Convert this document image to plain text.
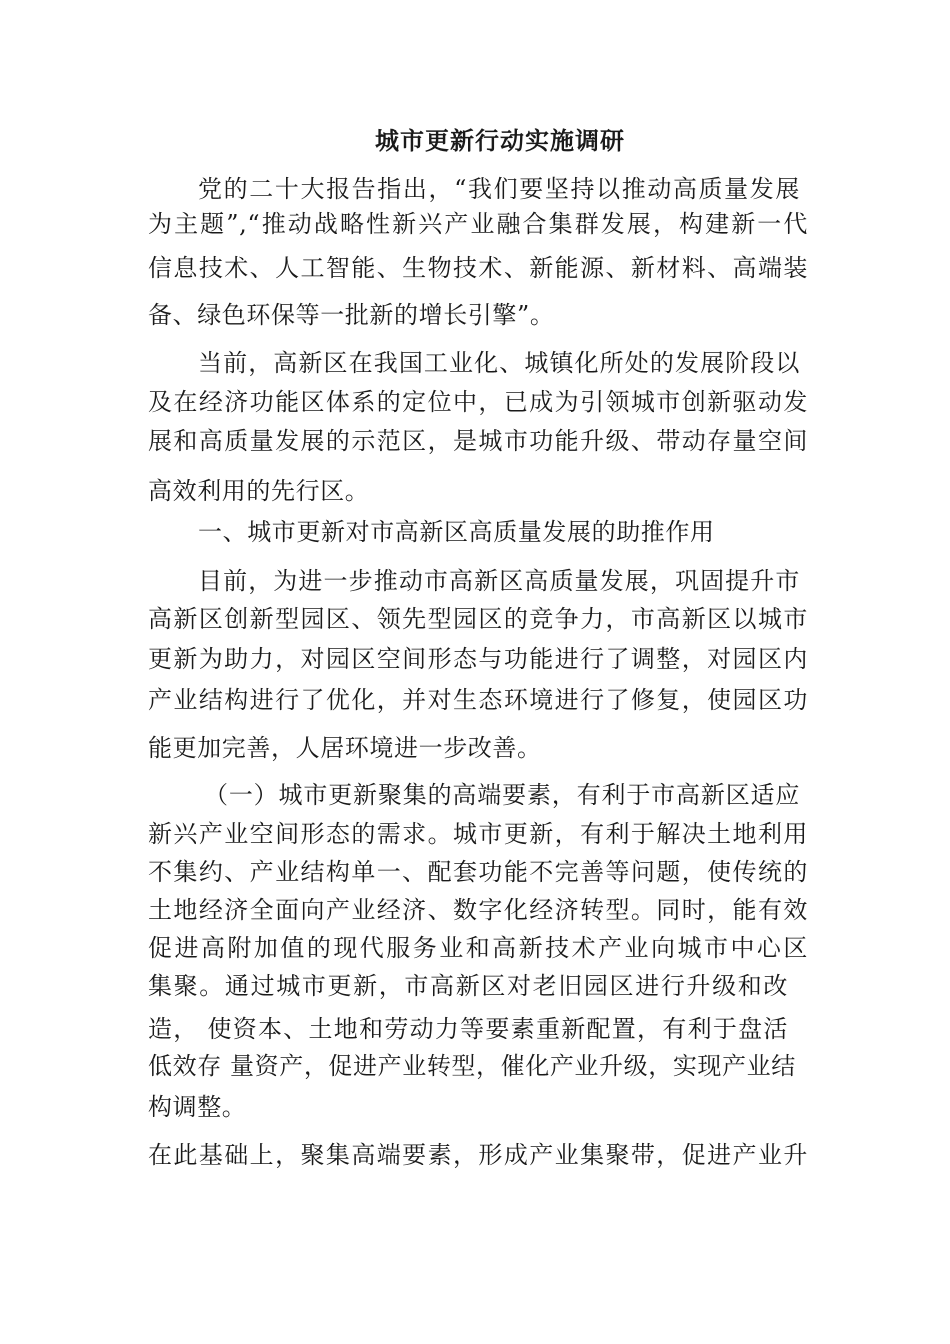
城市更新行动实施调研
党的二十大报告指出，“我们要坚持以推动高质量发展
为主题”,“推动战略性新兴产业融合集群发展，构建新一代
信息技术、人工智能、生物技术、新能源、新材料、高端装
备、绿色环保等一批新的增长引擎”。
当前，高新区在我国工业化、城镇化所处的发展阶段以
及在经济功能区体系的定位中，已成为引领城市创新驱动发
展和高质量发展的示范区，是城市功能升级、带动存量空间
高效利用的先行区。
一、城市更新对市高新区高质量发展的助推作用
目前，为进一步推动市高新区高质量发展，巩固提升市
高新区创新型园区、领先型园区的竞争力，市高新区以城市
更新为助力，对园区空间形态与功能进行了调整，对园区内
产业结构进行了优化，并对生态环境进行了修复，使园区功
能更加完善，人居环境进一步改善。
（一）城市更新聚集的高端要素，有利于市高新区适应
新兴产业空间形态的需求。城市更新，有利于解决土地利用
不集约、产业结构单一、配套功能不完善等问题，使传统的
土地经济全面向产业经济、数字化经济转型。同时，能有效
促进高附加值的现代服务业和高新技术产业向城市中心区
集聚。通过城市更新，市高新区对老旧园区进行升级和改
造， 使资本、土地和劳动力等要素重新配置，有利于盘活
低效存 量资产，促进产业转型，催化产业升级，实现产业结
构调整。
在此基础上，聚集高端要素，形成产业集聚带，促进产业升
